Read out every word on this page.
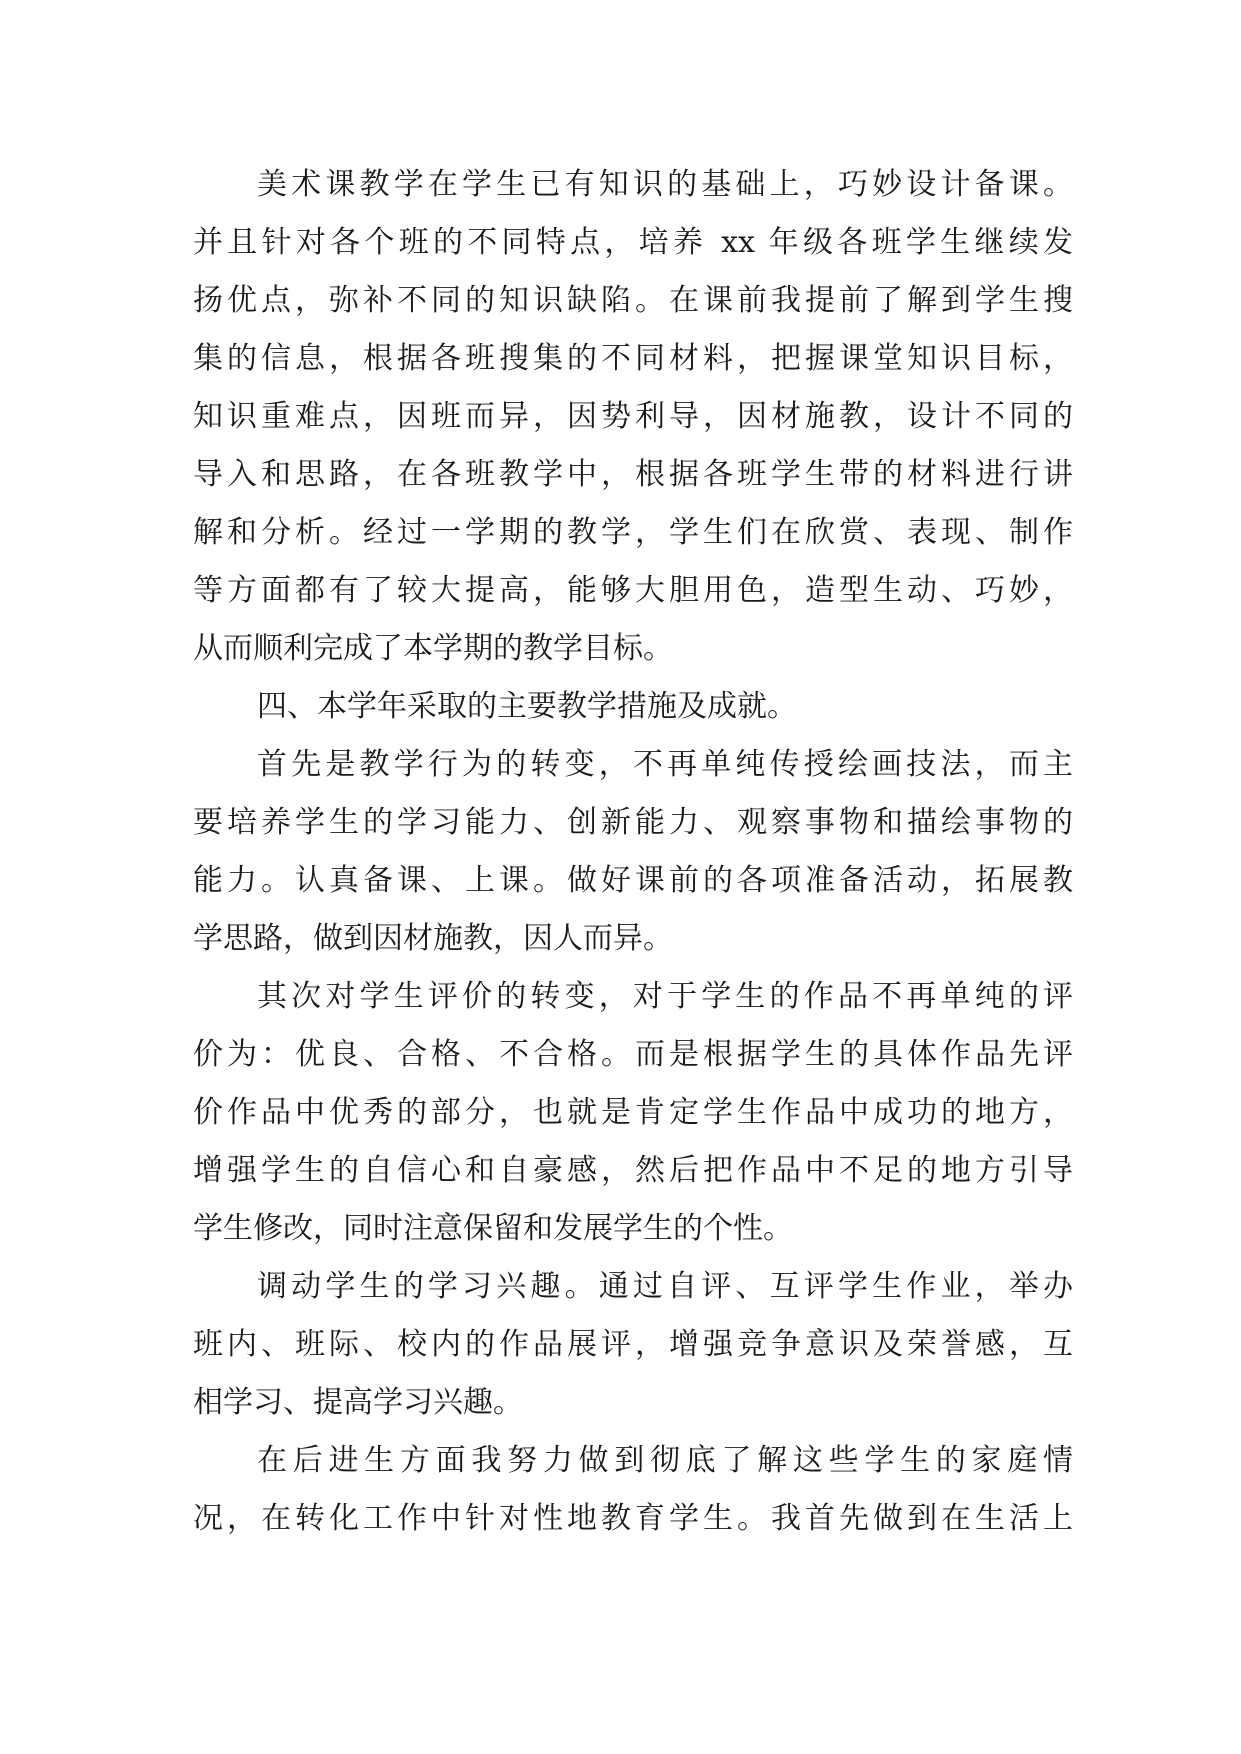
美术课教学在学生已有知识的基础上，巧妙设计备课。
并且针对各个班的不同特点，培养 xx 年级各班学生继续发
扬优点，弥补不同的知识缺陷。在课前我提前了解到学生搜
集的信息，根据各班搜集的不同材料，把握课堂知识目标，
知识重难点，因班而异，因势利导，因材施教，设计不同的
导入和思路，在各班教学中，根据各班学生带的材料进行讲
解和分析。经过一学期的教学，学生们在欣赏、表现、制作
等方面都有了较大提高，能够大胆用色，造型生动、巧妙，
从而顺利完成了本学期的教学目标。
四、本学年采取的主要教学措施及成就。
首先是教学行为的转变，不再单纯传授绘画技法，而主
要培养学生的学习能力、创新能力、观察事物和描绘事物的
能力。认真备课、上课。做好课前的各项准备活动，拓展教
学思路，做到因材施教，因人而异。
其次对学生评价的转变，对于学生的作品不再单纯的评
价为：优良、合格、不合格。而是根据学生的具体作品先评
价作品中优秀的部分，也就是肯定学生作品中成功的地方，
增强学生的自信心和自豪感，然后把作品中不足的地方引导
学生修改，同时注意保留和发展学生的个性。
调动学生的学习兴趣。通过自评、互评学生作业，举办
班内、班际、校内的作品展评，增强竞争意识及荣誉感，互
相学习、提高学习兴趣。
在后进生方面我努力做到彻底了解这些学生的家庭情
况，在转化工作中针对性地教育学生。我首先做到在生活上
